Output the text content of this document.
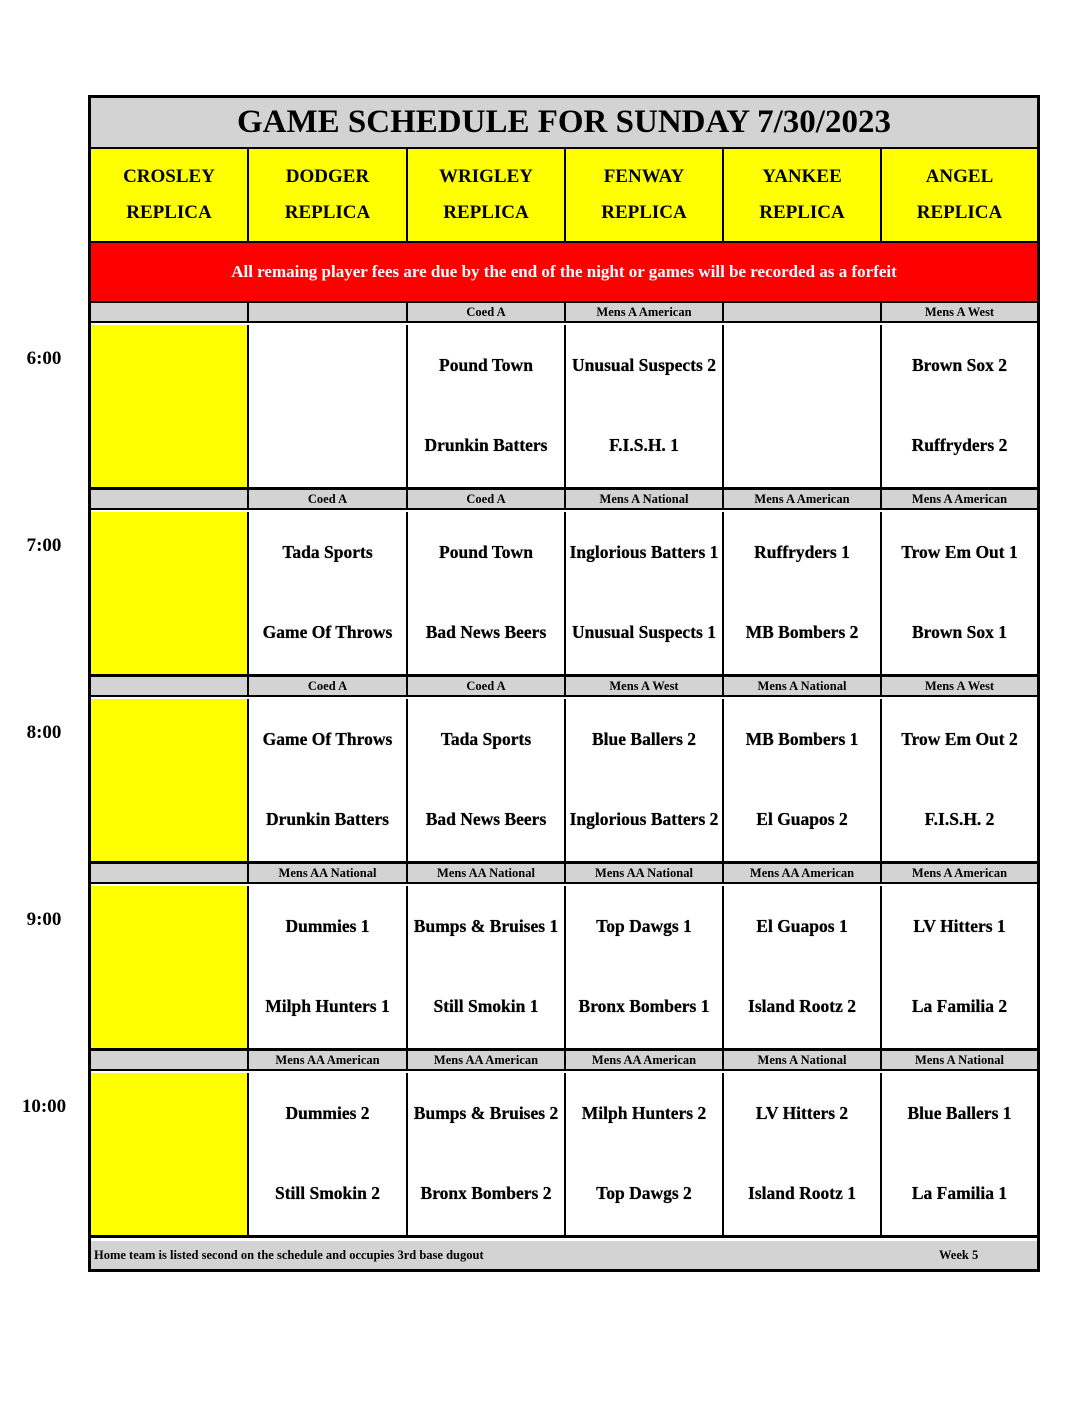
6:00
7:00
8:00
9:00
10:00
GAME SCHEDULE FOR SUNDAY 7/30/2023
CROSLEY
REPLICA
DODGER
REPLICA
WRIGLEY
REPLICA
FENWAY
REPLICA
YANKEE
REPLICA
ANGEL
REPLICA
All remaing player fees are due by the end of the night or games will be recorded as a forfeit
Coed A
Pound Town
Drunkin Batters
Mens A American
Unusual Suspects 2
F.I.S.H. 1
Mens A West
Brown Sox 2
Ruffryders 2
Coed A
Tada Sports
Game Of Throws
Coed A
Pound Town
Bad News Beers
Mens A National
Inglorious Batters 1
Unusual Suspects 1
Mens A American
Ruffryders 1
MB Bombers 2
Mens A American
Trow Em Out 1
Brown Sox 1
Coed A
Game Of Throws
Drunkin Batters
Coed A
Tada Sports
Bad News Beers
Mens A West
Blue Ballers 2
Inglorious Batters 2
Mens A National
MB Bombers 1
El Guapos 2
Mens A West
Trow Em Out 2
F.I.S.H. 2
Mens AA National
Dummies 1
Milph Hunters 1
Mens AA National
Bumps & Bruises 1
Still Smokin 1
Mens AA National
Top Dawgs 1
Bronx Bombers 1
Mens AA American
El Guapos 1
Island Rootz 2
Mens A American
LV Hitters 1
La Familia 2
Mens AA American
Dummies 2
Still Smokin 2
Mens AA American
Bumps & Bruises 2
Bronx Bombers 2
Mens AA American
Milph Hunters 2
Top Dawgs 2
Mens A National
LV Hitters 2
Island Rootz 1
Mens A National
Blue Ballers 1
La Familia 1
Home team is listed second on the schedule and occupies 3rd base dugout	Week 5
